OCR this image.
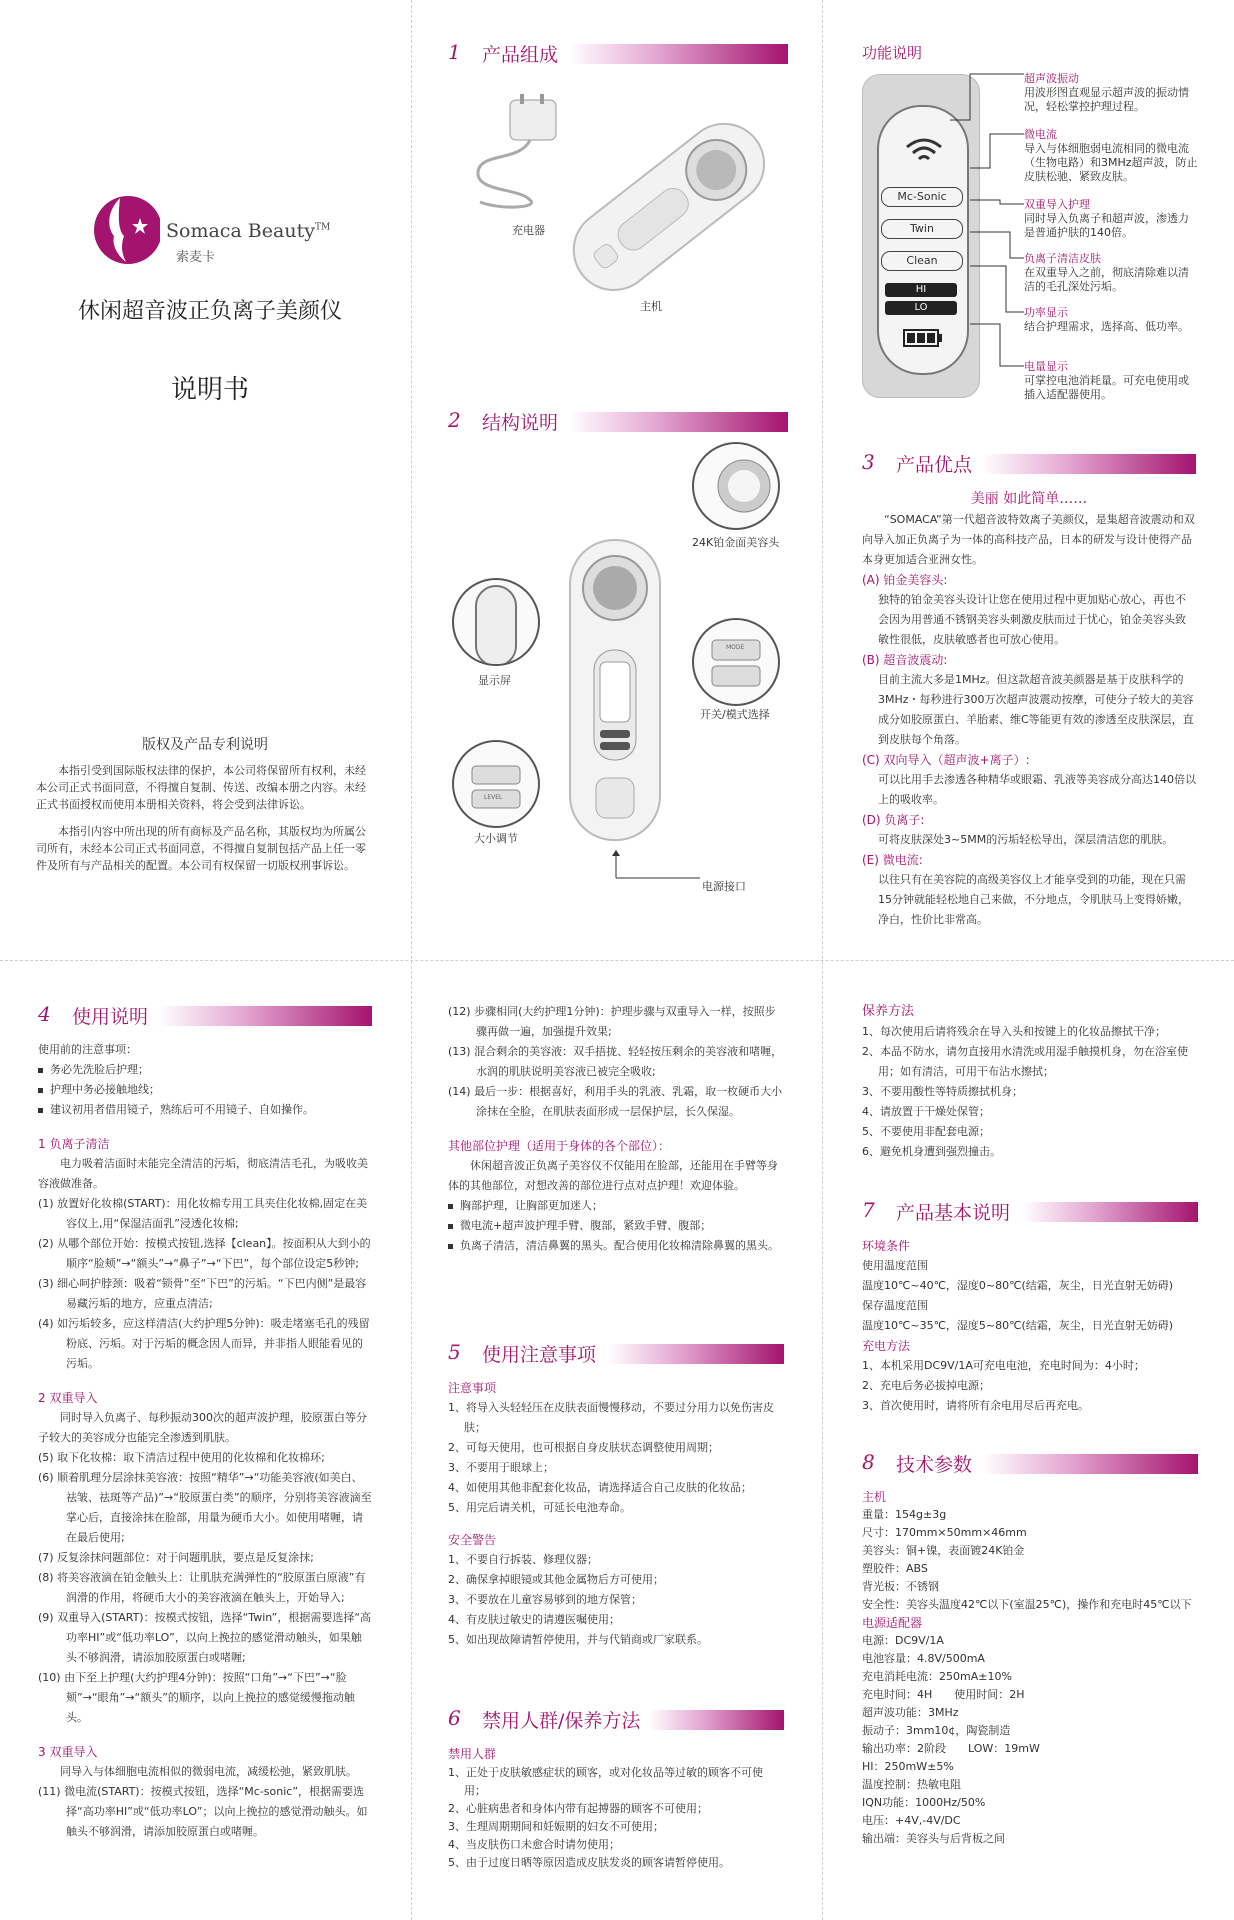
Somaca Beauty™
索麦卡
休闲超音波正负离子美颜仪
说明书
版权及产品专利说明

本指引受到国际版权法律的保护，本公司将保留所有权利，未经本公司正式书面同意，不得擅自复制、传送、改编本册之内容。未经正式书面授权而使用本册相关资料，将会受到法律诉讼。

本指引内容中所出现的所有商标及产品名称，其版权均为所属公司所有，未经本公司正式书面同意，不得擅自复制包括产品上任一零件及所有与产品相关的配置。本公司有权保留一切版权刑事诉讼。

1 产品组成
充电器
主机
2 结构说明
24K铂金面美容头
显示屏
MODE
开关/模式选择
LEVEL
大小调节
电源接口
功能说明
Mc-Sonic
Twin
Clean
HI
LO
超声波振动
用波形图直观显示超声波的振动情况，轻松掌控护理过程。
微电流
导入与体细胞弱电流相同的微电流（生物电路）和3MHz超声波，防止皮肤松驰、紧致皮肤。
双重导入护理
同时导入负离子和超声波，渗透力是普通护肤的140倍。
负离子清洁皮肤
在双重导入之前，彻底清除难以清洁的毛孔深处污垢。
功率显示
结合护理需求，选择高、低功率。
电量显示
可掌控电池消耗量。可充电使用或插入适配器使用。
3 产品优点
美丽 如此简单……

“SOMACA”第一代超音波特效离子美颜仪，是集超音波震动和双向导入加正负离子为一体的高科技产品，日本的研发与设计使得产品本身更加适合亚洲女性。

(A) 铂金美容头:

独特的铂金美容头设计让您在使用过程中更加贴心放心，再也不会因为用普通不锈钢美容头刺激皮肤而过于忧心，铂金美容头致敏性很低，皮肤敏感者也可放心使用。

(B) 超音波震动:

目前主流大多是1MHz。但这款超音波美颜器是基于皮肤科学的3MHz・每秒进行300万次超声波震动按摩，可使分子较大的美容成分如胶原蛋白、羊胎素、维C等能更有效的渗透至皮肤深层，直到皮肤每个角落。

(C) 双向导入（超声波+离子）:

可以比用手去渗透各种精华或眼霜、乳液等美容成分高达140倍以上的吸收率。

(D) 负离子:

可将皮肤深处3~5MM的污垢轻松导出，深层清洁您的肌肤。

(E) 微电流:

以往只有在美容院的高级美容仪上才能享受到的功能，现在只需15分钟就能轻松地自己来做，不分地点，令肌肤马上变得娇嫩，净白，性价比非常高。

4 使用说明

使用前的注意事项：

务必先洗脸后护理；

护理中务必接触地线；

建议初用者借用镜子，熟练后可不用镜子、自如操作。

1 负离子清洁

电力吸着洁面时未能完全清洁的污垢，彻底清洁毛孔，为吸收美容液做准备。

(1) 放置好化妆棉(START)：用化妆棉专用工具夹住化妆棉,固定在美容仪上,用“保湿洁面乳”浸透化妆棉;

(2) 从哪个部位开始：按模式按钮,选择【clean】。按面积从大到小的顺序“脸颊”→“额头”→“鼻子”→“下巴”，每个部位设定5秒钟;

(3) 细心呵护脖颈：吸着“锁骨”至“下巴”的污垢。“下巴内侧”是最容易藏污垢的地方，应重点清洁;

(4) 如污垢较多，应这样清洁(大约护理5分钟)：吸走堵塞毛孔的残留粉底、污垢。对于污垢的概念因人而异，并非指人眼能看见的污垢。

2 双重导入

同时导入负离子、每秒振动300次的超声波护理，胶原蛋白等分子较大的美容成分也能完全渗透到肌肤。

(5) 取下化妆棉：取下清洁过程中使用的化妆棉和化妆棉环;

(6) 顺着肌理分层涂抹美容液：按照“精华”→“功能美容液(如美白、祛皱、祛斑等产品)”→“胶原蛋白类”的顺序，分别将美容液滴至掌心后，直接涂抹在脸部，用量为硬币大小。如使用啫喱，请在最后使用;

(7) 反复涂抹问题部位：对于问题肌肤，要点是反复涂抹;

(8) 将美容液滴在铂金触头上：让肌肤充满弹性的“胶原蛋白原液”有润滑的作用，将硬币大小的美容液滴在触头上，开始导入;

(9) 双重导入(START)：按模式按钮，选择“Twin”，根据需要选择“高功率HI”或“低功率LO”，以向上挽拉的感觉滑动触头，如果触头不够润滑，请添加胶原蛋白或啫喱;

(10) 由下至上护理(大约护理4分钟)：按照“口角”→“下巴”→“脸颊”→“眼角”→“额头”的顺序，以向上挽拉的感觉缓慢拖动触头。

3 双重导入

同导入与体细胞电流相似的微弱电流，减缓松弛，紧致肌肤。

(11) 微电流(START)：按模式按钮，选择“Mc-sonic”，根据需要选择“高功率HI”或“低功率LO”；以向上挽拉的感觉滑动触头。如触头不够润滑，请添加胶原蛋白或啫喱。

(12) 步骤相同(大约护理1分钟)：护理步骤与双重导入一样，按照步骤再做一遍，加强提升效果;

(13) 混合剩余的美容液：双手捂拢、轻轻按压剩余的美容液和啫喱，水润的肌肤说明美容液已被完全吸收;

(14) 最后一步：根据喜好，利用手头的乳液、乳霜，取一枚硬币大小涂抹在全脸，在肌肤表面形成一层保护层，长久保湿。

其他部位护理（适用于身体的各个部位）：

休闲超音波正负离子美容仪不仅能用在脸部，还能用在手臂等身体的其他部位，对想改善的部位进行点对点护理！欢迎体验。

胸部护理，让胸部更加迷人；

微电流+超声波护理手臂、腹部，紧致手臂、腹部；

负离子清洁，清洁鼻翼的黑头。配合使用化妆棉清除鼻翼的黑头。

5 使用注意事项
注意事项

1、将导入头轻轻压在皮肤表面慢慢移动，不要过分用力以免伤害皮肤；

2、可每天使用，也可根据自身皮肤状态调整使用周期；

3、不要用于眼球上；

4、如使用其他非配套化妆品，请选择适合自己皮肤的化妆品；

5、用完后请关机，可延长电池寿命。

安全警告

1、不要自行拆装、修理仪器；

2、确保拿掉眼镜或其他金属物后方可使用；

3、不要放在儿童容易够到的地方保管；

4、有皮肤过敏史的请遵医嘱使用；

5、如出现故障请暂停使用，并与代销商或厂家联系。

6 禁用人群/保养方法
禁用人群

1、正处于皮肤敏感症状的顾客，或对化妆品等过敏的顾客不可使用；

2、心脏病患者和身体内带有起搏器的顾客不可使用；

3、生理周期期间和妊娠期的妇女不可使用；

4、当皮肤伤口未愈合时请勿使用；

5、由于过度日晒等原因造成皮肤发炎的顾客请暂停使用。

保养方法

1、每次使用后请将残余在导入头和按键上的化妆品擦拭干净；

2、本品不防水，请勿直接用水清洗或用湿手触摸机身，勿在浴室使用；如有清洁，可用干布沾水擦拭；

3、不要用酸性等特质擦拭机身；

4、请放置于干燥处保管；

5、不要使用非配套电源；

6、避免机身遭到强烈撞击。

7 产品基本说明
环境条件

使用温度范围

温度10℃~40℃，湿度0~80℃(结霜，灰尘，日光直射无妨碍)

保存温度范围

温度10℃~35℃，湿度5~80℃(结霜，灰尘，日光直射无妨碍)

充电方法

1、本机采用DC9V/1A可充电电池，充电时间为：4小时；

2、充电后务必拔掉电源；

3、首次使用时，请将所有余电用尽后再充电。

8 技术参数
主机

重量：154g±3g

尺寸：170mm×50mm×46mm

美容头：铜+镍，表面镀24K铂金

塑胶件：ABS

背光板：不锈钢

安全性：美容头温度42℃以下(室温25℃)，操作和充电时45℃以下

电源适配器

电源：DC9V/1A

电池容量：4.8V/500mA

充电消耗电流：250mA±10%

充电时间：4H　　使用时间：2H

超声波功能：3MHz

振动子：3mm10¢，陶瓷制造

输出功率：2阶段　　LOW：19mW

HI：250mW±5%

温度控制：热敏电阻

IQN功能：1000Hz/50%

电压：+4V,-4V/DC

输出端：美容头与后背板之间
